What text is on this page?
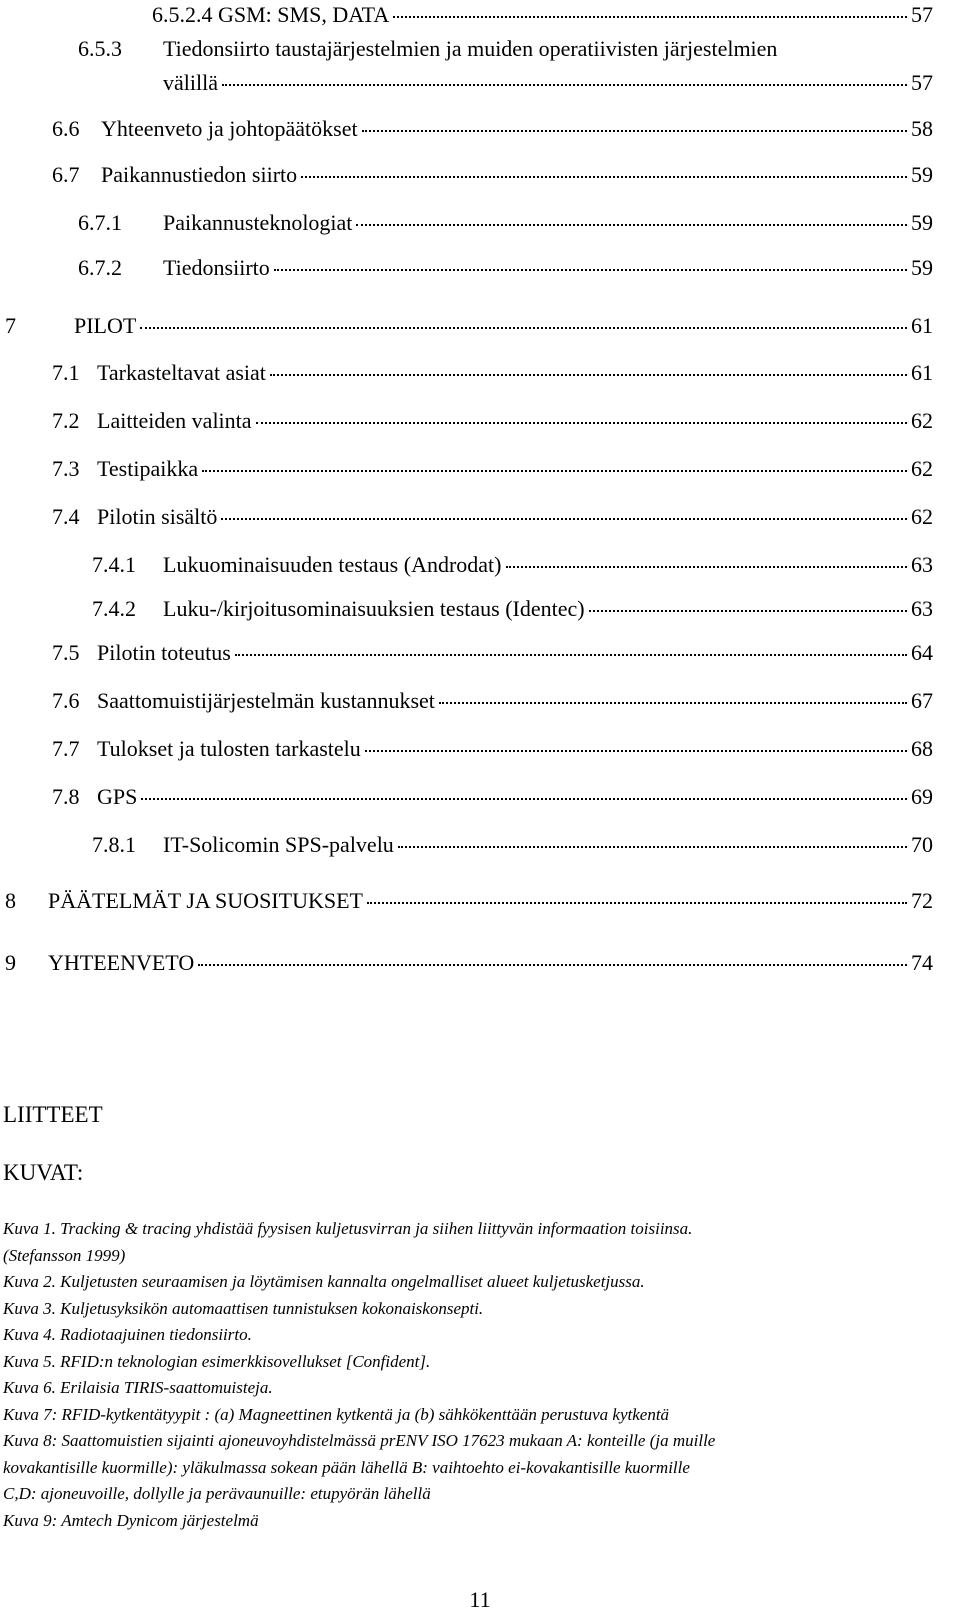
6.5.2.4 GSM: SMS, DATA	57
6.5.3 Tiedonsiirto taustajärjestelmien ja muiden operatiivisten järjestelmien
välillä	57
6.6 Yhteenveto ja johtopäätökset	58
6.7 Paikannustiedon siirto	59
6.7.1 Paikannusteknologiat	59
6.7.2 Tiedonsiirto	59
7	PILOT	61
7.1 Tarkasteltavat asiat	61
7.2 Laitteiden valinta	62
7.3 Testipaikka	62
7.4 Pilotin sisältö	62
7.4.1 Lukuominaisuuden testaus (Androdat)	63
7.4.2 Luku-/kirjoitusominaisuuksien testaus (Identec)	63
7.5 Pilotin toteutus	64
7.6 Saattomuistijärjestelmän kustannukset	67
7.7 Tulokset ja tulosten tarkastelu	68
7.8 GPS	69
7.8.1 IT-Solicomin SPS-palvelu	70
8 PÄÄTELMÄT JA SUOSITUKSET	72
9 YHTEENVETO	74
LIITTEET
KUVAT:
Kuva 1. Tracking & tracing yhdistää fyysisen kuljetusvirran ja siihen liittyvän informaation toisiinsa.
(Stefansson 1999)
Kuva 2. Kuljetusten seuraamisen ja löytämisen kannalta ongelmalliset alueet kuljetusketjussa.
Kuva 3. Kuljetusyksikön automaattisen tunnistuksen kokonaiskonsepti.
Kuva 4. Radiotaajuinen tiedonsiirto.
Kuva 5. RFID:n teknologian esimerkkisovellukset [Confident].
Kuva 6. Erilaisia TIRIS-saattomuisteja.
Kuva 7: RFID-kytkentätyypit : (a) Magneettinen kytkentä ja (b) sähkökenttään perustuva kytkentä
Kuva 8: Saattomuistien sijainti ajoneuvoyhdistelmässä prENV ISO 17623 mukaan A: konteille (ja muille
kovakantisille kuormille): yläkulmassa sokean pään lähellä B: vaihtoehto ei-kovakantisille kuormille
C,D: ajoneuvoille, dollylle ja perävaunuille: etupyörän lähellä
Kuva 9: Amtech Dynicom järjestelmä
11
